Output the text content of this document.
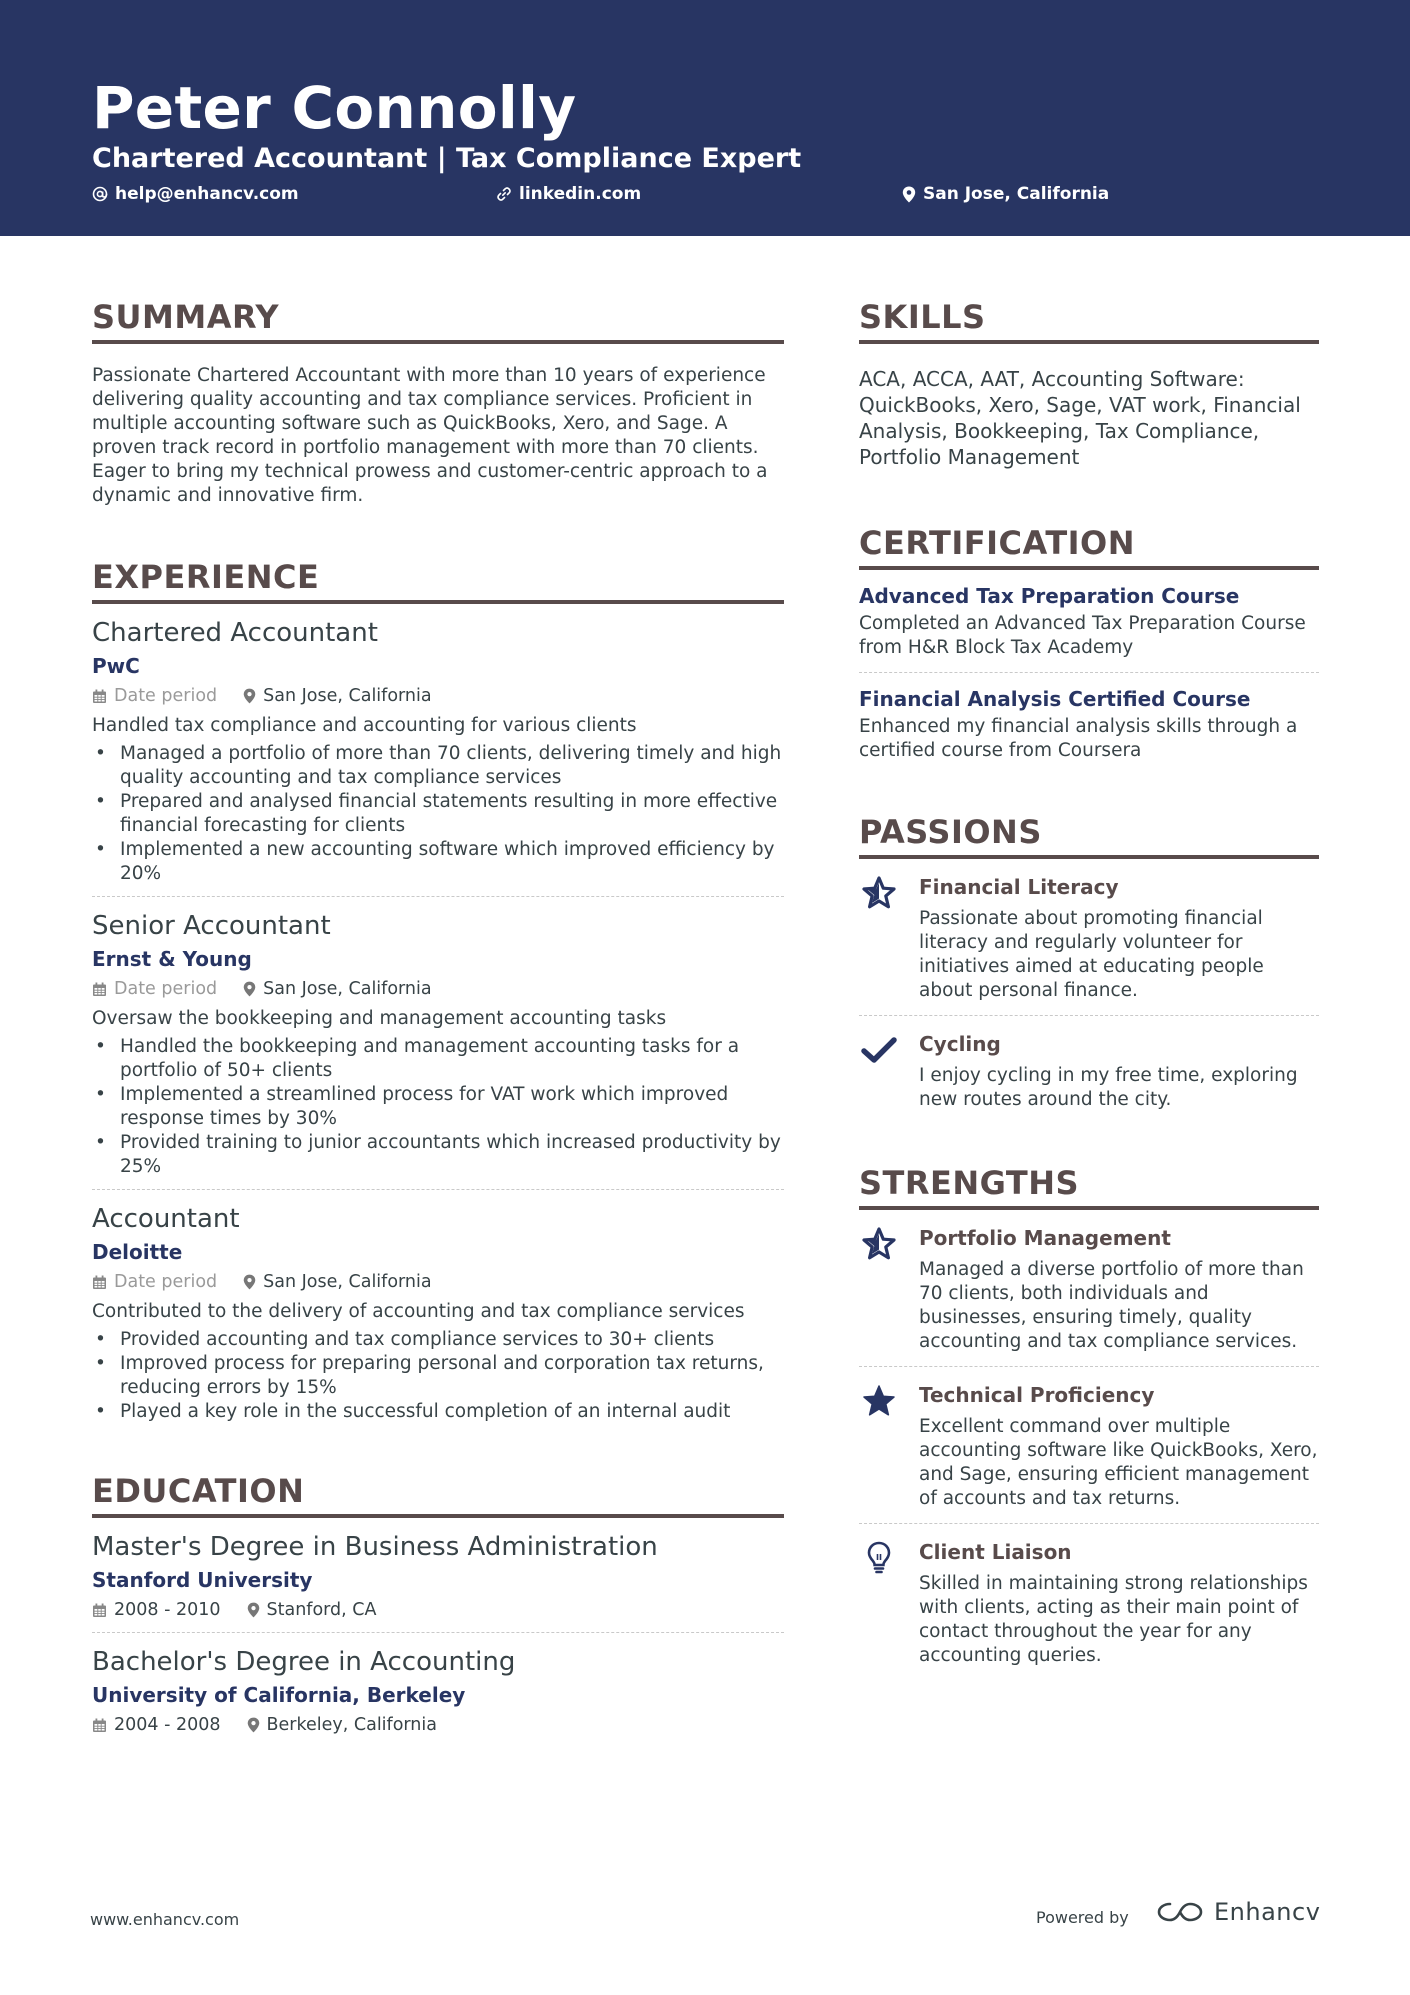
Peter Connolly
Chartered Accountant | Tax Compliance Expert
help@enhancv.com	linkedin.com	San Jose, California
SUMMARY
Passionate Chartered Accountant with more than 10 years of experience delivering quality accounting and tax compliance services. Proficient in multiple accounting software such as QuickBooks, Xero, and Sage. A proven track record in portfolio management with more than 70 clients. Eager to bring my technical prowess and customer-centric approach to a dynamic and innovative firm.
EXPERIENCE
Chartered Accountant
PwC
Date period	San Jose, California
Handled tax compliance and accounting for various clients
• Managed a portfolio of more than 70 clients, delivering timely and high quality accounting and tax compliance services
• Prepared and analysed financial statements resulting in more effective financial forecasting for clients
• Implemented a new accounting software which improved efficiency by 20%
Senior Accountant
Ernst & Young
Date period	San Jose, California
Oversaw the bookkeeping and management accounting tasks
• Handled the bookkeeping and management accounting tasks for a portfolio of 50+ clients
• Implemented a streamlined process for VAT work which improved response times by 30%
• Provided training to junior accountants which increased productivity by 25%
Accountant
Deloitte
Date period	San Jose, California
Contributed to the delivery of accounting and tax compliance services
• Provided accounting and tax compliance services to 30+ clients
• Improved process for preparing personal and corporation tax returns, reducing errors by 15%
• Played a key role in the successful completion of an internal audit
EDUCATION
Master's Degree in Business Administration
Stanford University
2008 - 2010	Stanford, CA
Bachelor's Degree in Accounting
University of California, Berkeley
2004 - 2008	Berkeley, California
SKILLS
ACA, ACCA, AAT, Accounting Software: QuickBooks, Xero, Sage, VAT work, Financial Analysis, Bookkeeping, Tax Compliance, Portfolio Management
CERTIFICATION
Advanced Tax Preparation Course
Completed an Advanced Tax Preparation Course from H&R Block Tax Academy
Financial Analysis Certified Course
Enhanced my financial analysis skills through a certified course from Coursera
PASSIONS
Financial Literacy
Passionate about promoting financial literacy and regularly volunteer for initiatives aimed at educating people about personal finance.
Cycling
I enjoy cycling in my free time, exploring new routes around the city.
STRENGTHS
Portfolio Management
Managed a diverse portfolio of more than 70 clients, both individuals and businesses, ensuring timely, quality accounting and tax compliance services.
Technical Proficiency
Excellent command over multiple accounting software like QuickBooks, Xero, and Sage, ensuring efficient management of accounts and tax returns.
Client Liaison
Skilled in maintaining strong relationships with clients, acting as their main point of contact throughout the year for any accounting queries.
www.enhancv.com	Powered by	Enhancv
